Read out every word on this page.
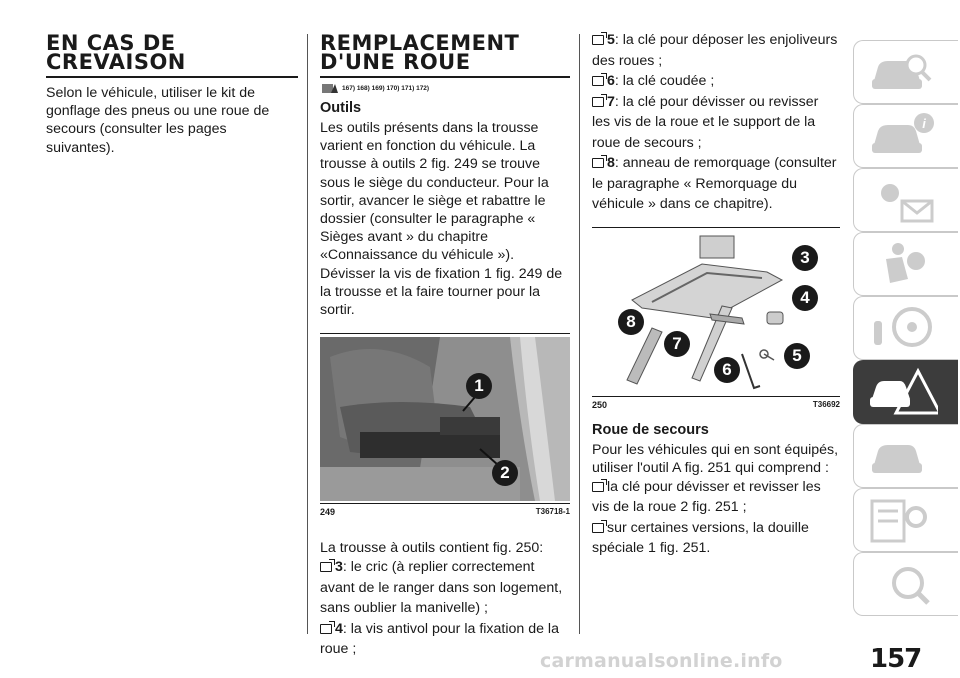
EN CAS DE
CREVAISON

Selon le véhicule, utiliser le kit de gonflage des pneus ou une roue de secours (consulter les pages suivantes).

REMPLACEMENT
D'UNE ROUE
167) 168) 169) 170) 171) 172)
Outils

Les outils présents dans la trousse varient en fonction du véhicule. La trousse à outils 2 fig. 249 se trouve sous le siège du conducteur. Pour la sortir, avancer le siège et rabattre le dossier (consulter le paragraphe « Sièges avant » du chapitre «Connaissance du véhicule »). Dévisser la vis de fixation 1 fig. 249 de la trousse et la faire tourner pour la sortir.

1
2
249	T36718-1

La trousse à outils contient fig. 250:

3: le cric (à replier correctement avant de le ranger dans son logement, sans oublier la manivelle) ;
4: la vis antivol pour la fixation de la roue ;
5: la clé pour déposer les enjoliveurs des roues ;
6: la clé coudée ;
7: la clé pour dévisser ou revisser les vis de la roue et le support de la roue de secours ;
8: anneau de remorquage (consulter le paragraphe « Remorquage du véhicule » dans ce chapitre).
3
4
8
7
5
6
250	T36692
Roue de secours

Pour les véhicules qui en sont équipés, utiliser l'outil A fig. 251 qui comprend :

la clé pour dévisser et revisser les vis de la roue 2 fig. 251 ;
sur certaines versions, la douille spéciale 1 fig. 251.
i
157
carmanualsonline.info
